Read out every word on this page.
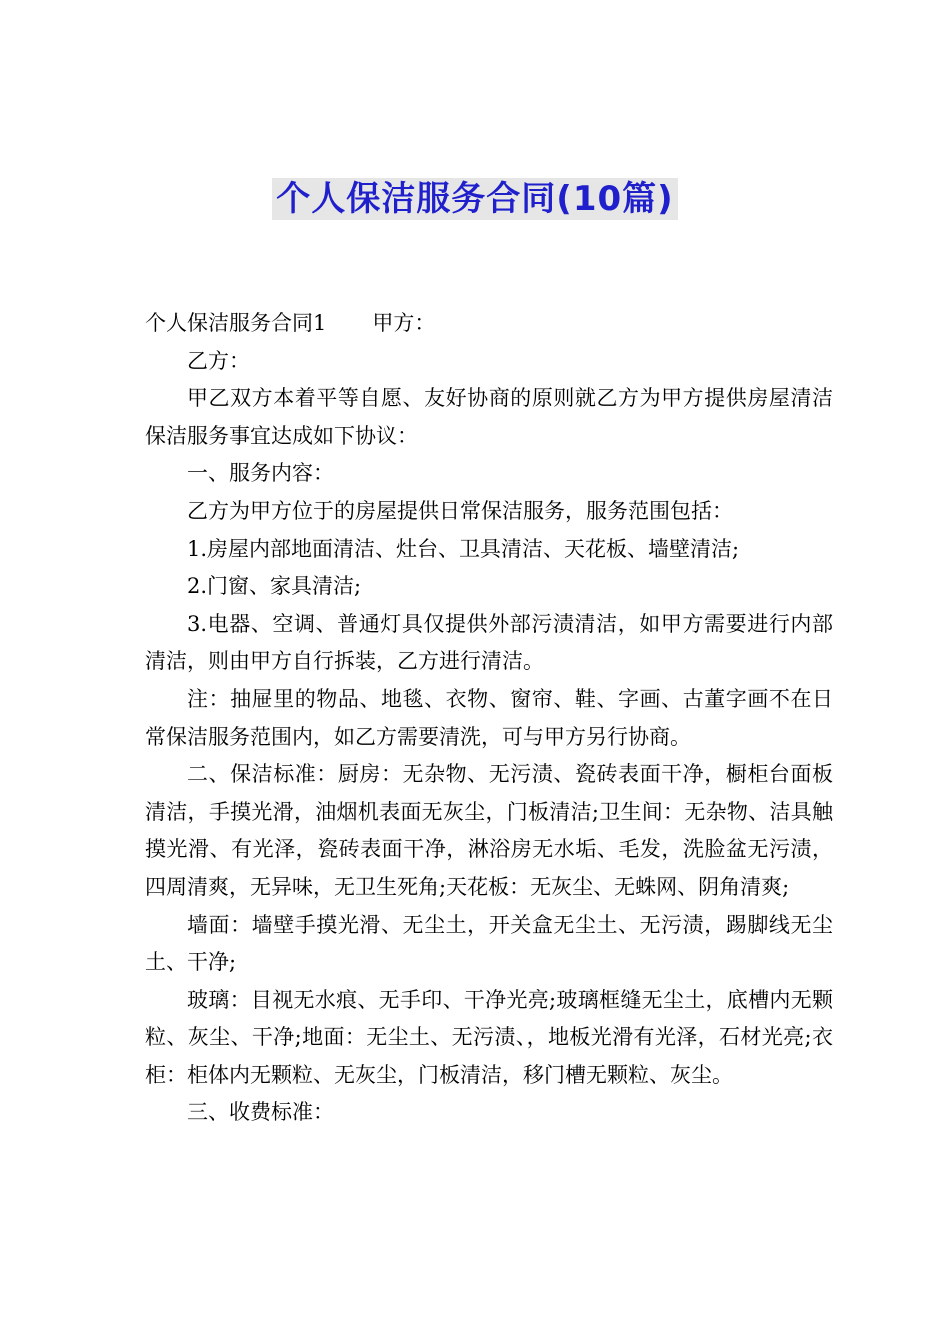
个人保洁服务合同(10篇)

个人保洁服务合同1 甲方：

乙方：

甲乙双方本着平等自愿、友好协商的原则就乙方为甲方提供房屋清洁保洁服务事宜达成如下协议：

一、服务内容：

乙方为甲方位于的房屋提供日常保洁服务，服务范围包括：

1.房屋内部地面清洁、灶台、卫具清洁、天花板、墙壁清洁;

2.门窗、家具清洁;

3.电器、空调、普通灯具仅提供外部污渍清洁，如甲方需要进行内部清洁，则由甲方自行拆装，乙方进行清洁。

注：抽屉里的物品、地毯、衣物、窗帘、鞋、字画、古董字画不在日常保洁服务范围内，如乙方需要清洗，可与甲方另行协商。

二、保洁标准：厨房：无杂物、无污渍、瓷砖表面干净，橱柜台面板清洁，手摸光滑，油烟机表面无灰尘，门板清洁;卫生间：无杂物、洁具触摸光滑、有光泽，瓷砖表面干净，淋浴房无水垢、毛发，洗脸盆无污渍，四周清爽，无异味，无卫生死角;天花板：无灰尘、无蛛网、阴角清爽;

墙面：墙壁手摸光滑、无尘土，开关盒无尘土、无污渍，踢脚线无尘土、干净;

玻璃：目视无水痕、无手印、干净光亮;玻璃框缝无尘土，底槽内无颗粒、灰尘、干净;地面：无尘土、无污渍、，地板光滑有光泽，石材光亮;衣柜：柜体内无颗粒、无灰尘，门板清洁，移门槽无颗粒、灰尘。

三、收费标准：
